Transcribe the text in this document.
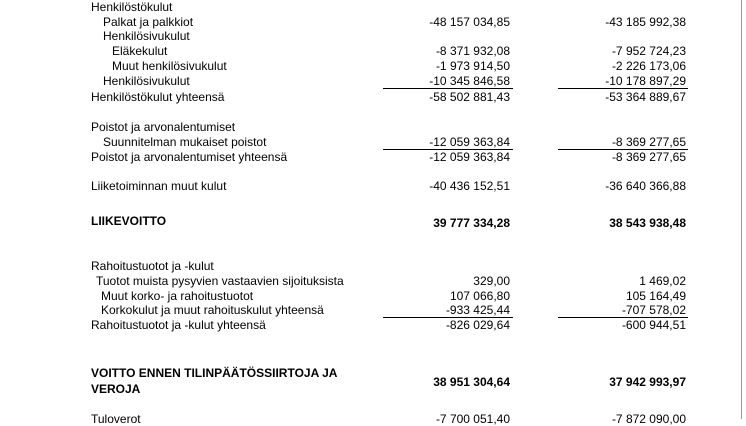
Henkilöstökulut
Palkat ja palkkiot	-48 157 034,85	-43 185 992,38
Henkilösivukulut
Eläkekulut	-8 371 932,08	-7 952 724,23
Muut henkilösivukulut	-1 973 914,50	-2 226 173,06
Henkilösivukulut	-10 345 846,58	-10 178 897,29
Henkilöstökulut yhteensä	-58 502 881,43	-53 364 889,67
Poistot ja arvonalentumiset
Suunnitelman mukaiset poistot	-12 059 363,84	-8 369 277,65
Poistot ja arvonalentumiset yhteensä	-12 059 363,84	-8 369 277,65
Liiketoiminnan muut kulut	-40 436 152,51	-36 640 366,88
LIIKEVOITTO	39 777 334,28	38 543 938,48
Rahoitustuotot ja -kulut
Tuotot muista pysyvien vastaavien sijoituksista	329,00	1 469,02
Muut korko- ja rahoitustuotot	107 066,80	105 164,49
Korkokulut ja muut rahoituskulut yhteensä	-933 425,44	-707 578,02
Rahoitustuotot ja -kulut yhteensä	-826 029,64	-600 944,51
VOITTO ENNEN TILINPÄÄTÖSSIIRTOJA JA
VEROJA	38 951 304,64	37 942 993,97
Tuloverot	-7 700 051,40	-7 872 090,00
